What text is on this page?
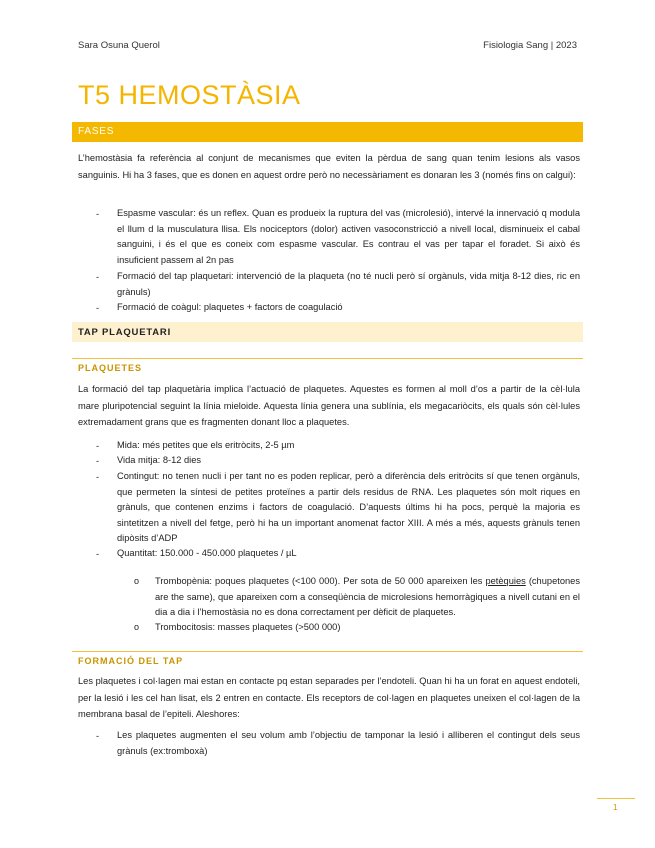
Sara Osuna Querol	Fisiologia Sang | 2023
T5 HEMOSTÀSIA
FASES
L’hemostàsia fa referència al conjunt de mecanismes que eviten la pèrdua de sang quan tenim lesions als vasos sanguinis. Hi ha 3 fases, que es donen en aquest ordre però no necessàriament es donaran les 3 (només fins on calgui):
- Espasme vascular: és un reflex. Quan es produeix la ruptura del vas (microlesió), intervé la innervació q modula el llum d la musculatura llisa. Els nociceptors (dolor) activen vasoconstricció a nivell local, disminueix el cabal sanguini, i és el que es coneix com espasme vascular. Es contrau el vas per tapar el foradet. Si això és insuficient passem al 2n pas
- Formació del tap plaquetari: intervenció de la plaqueta (no té nucli però sí orgànuls, vida mitja 8-12 dies, ric en grànuls)
- Formació de coàgul: plaquetes + factors de coagulació
TAP PLAQUETARI
PLAQUETES
La formació del tap plaquetària implica l’actuació de plaquetes. Aquestes es formen al moll d’os a partir de la cèl·lula mare pluripotencial seguint la línia mieloide. Aquesta línia genera una sublínia, els megacariòcits, els quals són cèl·lules extremadament grans que es fragmenten donant lloc a plaquetes.
- Mida: més petites que els eritròcits, 2-5 µm
- Vida mitja: 8-12 dies
- Contingut: no tenen nucli i per tant no es poden replicar, però a diferència dels eritròcits sí que tenen orgànuls, que permeten la síntesi de petites proteïnes a partir dels residus de RNA. Les plaquetes són molt riques en grànuls, que contenen enzims i factors de coagulació. D’aquests últims hi ha pocs, perquè la majoria es sintetitzen a nivell del fetge, però hi ha un important anomenat factor XIII. A més a més, aquests grànuls tenen dipòsits d’ADP
- Quantitat: 150.000 - 450.000 plaquetes / µL
o Trombopènia: poques plaquetes (<100 000). Per sota de 50 000 apareixen les petèquies (chupetones are the same), que apareixen com a conseqüència de microlesions hemorràgiques a nivell cutani en el dia a dia i l’hemostàsia no es dona correctament per dèficit de plaquetes.
o Trombocitosis: masses plaquetes (>500 000)
FORMACIÓ DEL TAP
Les plaquetes i col·lagen mai estan en contacte pq estan separades per l’endoteli. Quan hi ha un forat en aquest endoteli, per la lesió i les cel han lisat, els 2 entren en contacte. Els receptors de col·lagen en plaquetes uneixen el col·lagen de la membrana basal de l’epiteli. Aleshores:
- Les plaquetes augmenten el seu volum amb l’objectiu de tamponar la lesió i alliberen el contingut dels seus grànuls (ex:tromboxà)
1
